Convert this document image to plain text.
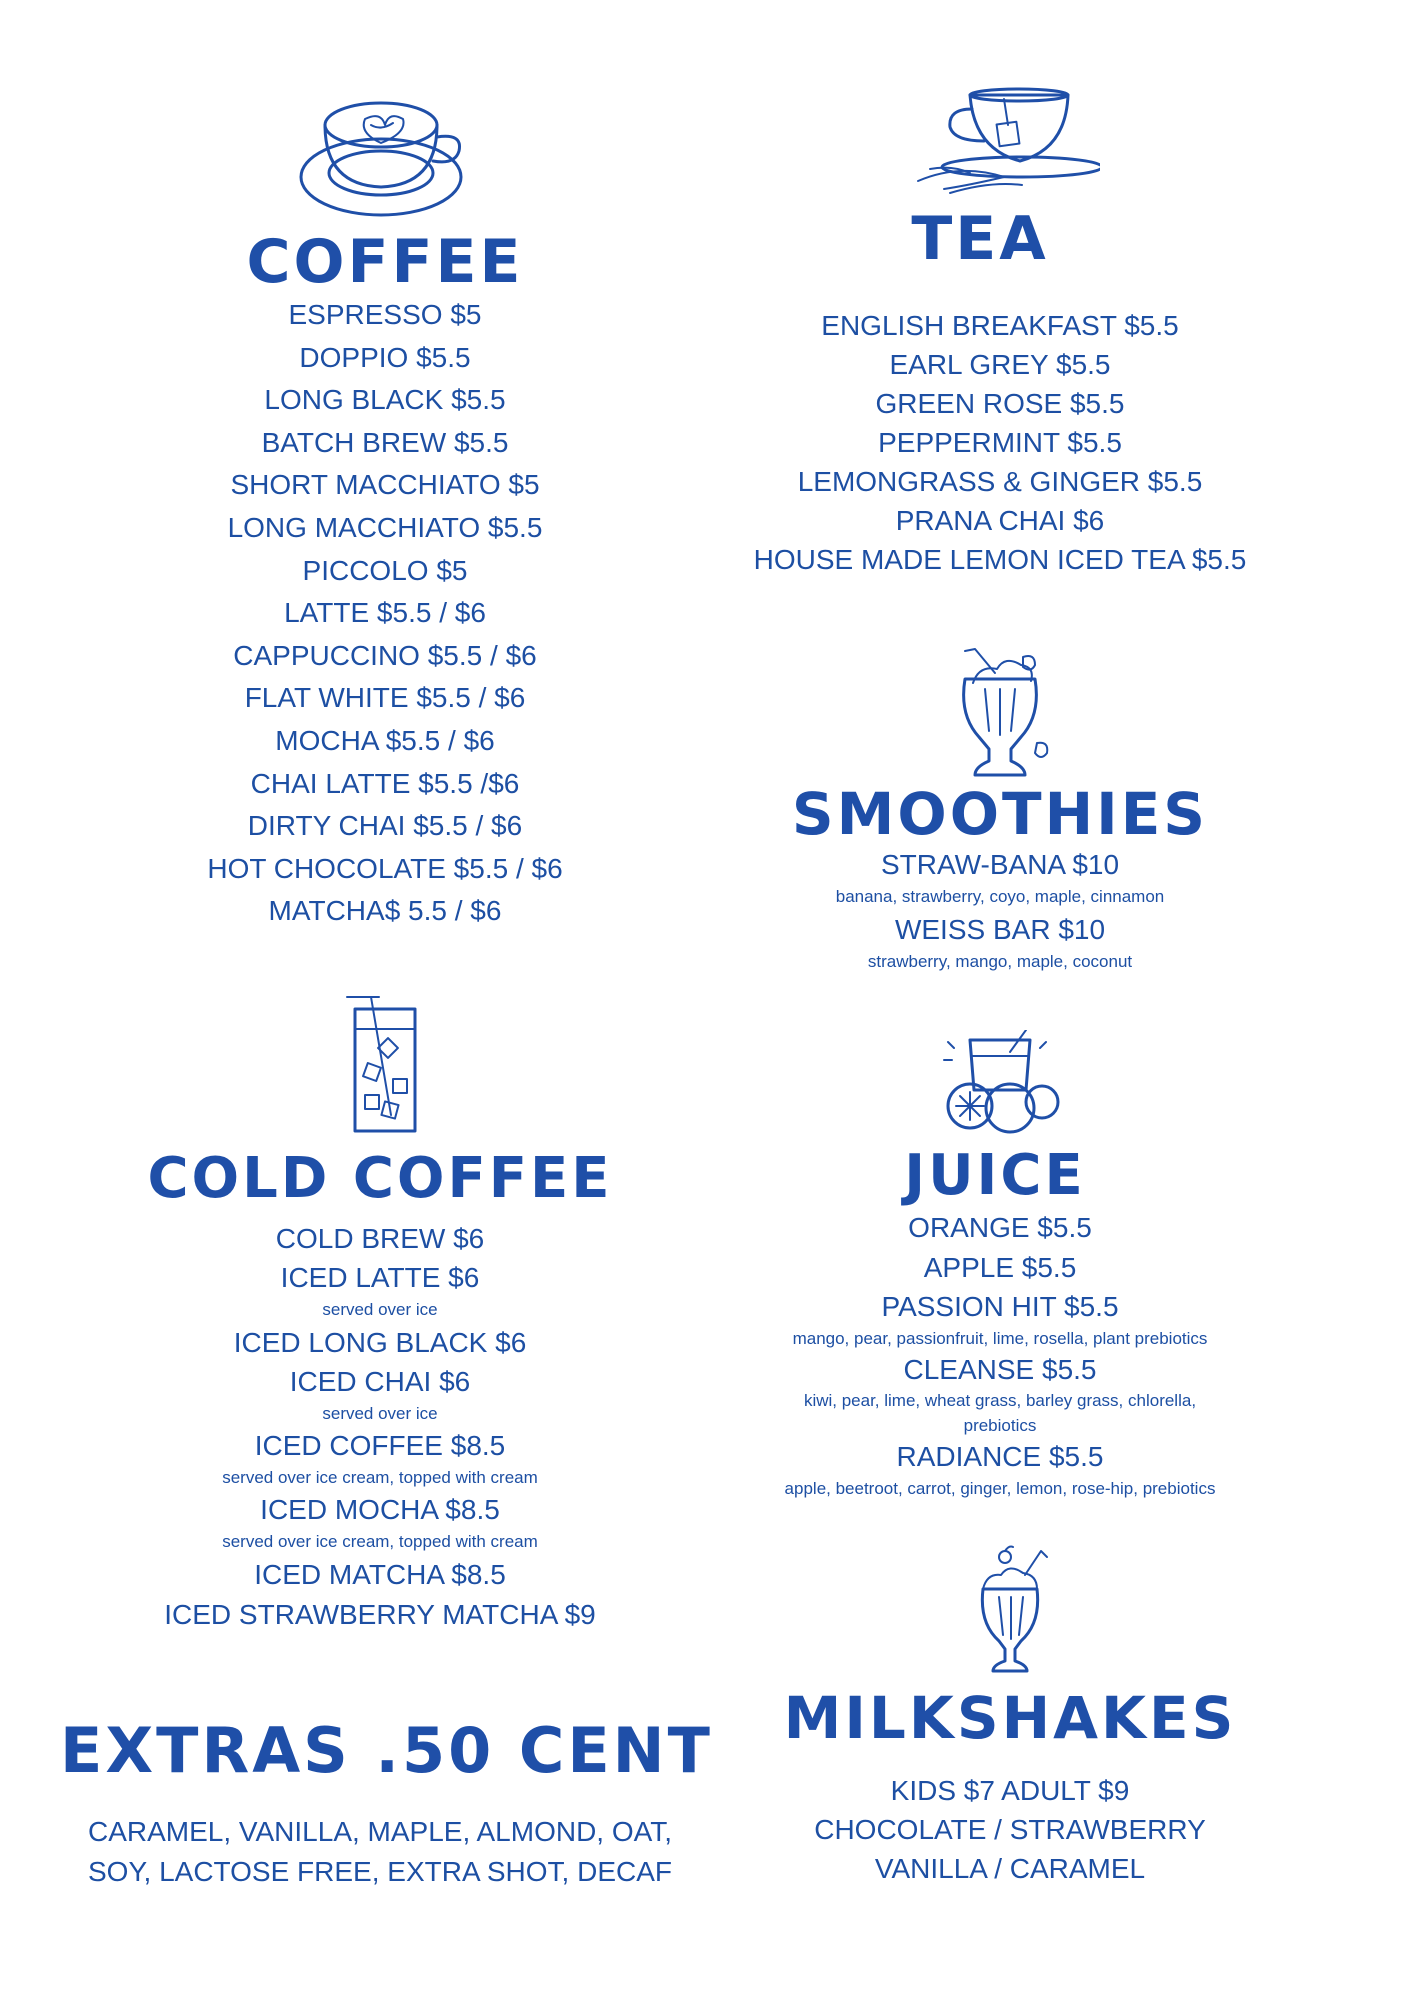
COFFEE

ESPRESSO $5

DOPPIO $5.5

LONG BLACK $5.5

BATCH BREW $5.5

SHORT MACCHIATO $5

LONG MACCHIATO $5.5

PICCOLO $5

LATTE $5.5 / $6

CAPPUCCINO $5.5 / $6

FLAT WHITE $5.5 / $6

MOCHA $5.5 / $6

CHAI LATTE $5.5 /$6

DIRTY CHAI $5.5 / $6

HOT CHOCOLATE $5.5 / $6

MATCHA$ 5.5 / $6

TEA

ENGLISH BREAKFAST $5.5

EARL GREY $5.5

GREEN ROSE $5.5

PEPPERMINT $5.5

LEMONGRASS & GINGER $5.5

PRANA CHAI $6

HOUSE MADE LEMON ICED TEA $5.5

SMOOTHIES

STRAW-BANA $10

banana, strawberry, coyo, maple, cinnamon

WEISS BAR $10

strawberry, mango, maple, coconut

COLD COFFEE

COLD BREW $6

ICED LATTE $6

served over ice

ICED LONG BLACK $6

ICED CHAI $6

served over ice

ICED COFFEE $8.5

served over ice cream, topped with cream

ICED MOCHA $8.5

served over ice cream, topped with cream

ICED MATCHA $8.5

ICED STRAWBERRY MATCHA $9

JUICE

ORANGE $5.5

APPLE $5.5

PASSION HIT $5.5

mango, pear, passionfruit, lime, rosella, plant prebiotics

CLEANSE $5.5

kiwi, pear, lime, wheat grass, barley grass, chlorella, prebiotics

RADIANCE $5.5

apple, beetroot, carrot, ginger, lemon, rose-hip, prebiotics

MILKSHAKES

KIDS $7 ADULT $9

CHOCOLATE / STRAWBERRY

VANILLA / CARAMEL

EXTRAS .50 CENT

CARAMEL, VANILLA, MAPLE, ALMOND, OAT,

SOY, LACTOSE FREE, EXTRA SHOT, DECAF
